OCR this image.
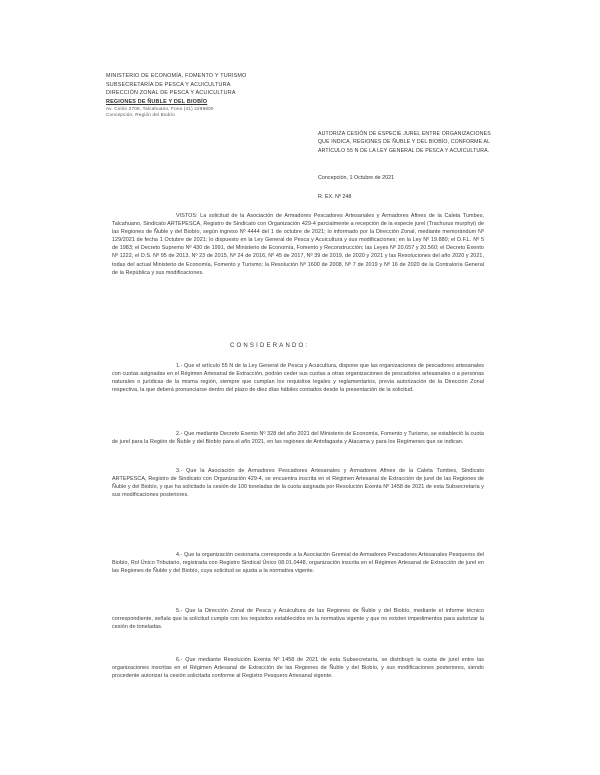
MINISTERIO DE ECONOMÍA, FOMENTO Y TURISMO
SUBSECRETARÍA DE PESCA Y ACUICULTURA
DIRECCIÓN ZONAL DE PESCA Y ACUICULTURA
REGIONES DE ÑUBLE Y DEL BIOBÍO
Av. Colón 2706, Talcahuano, Fono (41) 2298800
Concepción, Región del Biobío
AUTORIZA CESIÓN DE ESPECIE JUREL ENTRE ORGANIZACIONES QUE INDICA, REGIONES DE ÑUBLE Y DEL BIOBÍO, CONFORME AL ARTÍCULO 55 N DE LA LEY GENERAL DE PESCA Y ACUICULTURA.
Concepción, 1 Octubre de 2021
R. EX. Nº 248
VISTOS: La solicitud de la Asociación de Armadores Pescadores Artesanales y Armadores Afines de la Caleta Tumbes, Talcahuano, Sindicato ARTEPESCA, Registro de Sindicato con Organización 429-4 parcialmente a recepción de la especie jurel (Trachurus murphyi) de las Regiones de Ñuble y del Biobío, según ingreso Nº 4444 del 1 de octubre de 2021; lo informado por la Dirección Zonal, mediante memorándum Nº 129/2021 de fecha 1 Octubre de 2021; lo dispuesto en la Ley General de Pesca y Acuicultura y sus modificaciones; en la Ley Nº 19.880; el D.F.L. Nº 5 de 1983; el Decreto Supremo Nº 430 de 1991, del Ministerio de Economía, Fomento y Reconstrucción; las Leyes Nº 20.657 y 20.560; el Decreto Exento Nº 1222, el D.S. Nº 95 de 2013, Nº 23 de 2015, Nº 24 de 2016, Nº 45 de 2017, Nº 39 de 2019, de 2020 y 2021 y las Resoluciones del año 2020 y 2021, todas del actual Ministerio de Economía, Fomento y Turismo; la Resolución Nº 1600 de 2008, Nº 7 de 2019 y Nº 16 de 2020 de la Contraloría General de la República y sus modificaciones.
CONSIDERANDO:
1.- Que el artículo 55 N de la Ley General de Pesca y Acuicultura, dispone que las organizaciones de pescadores artesanales con cuotas asignadas en el Régimen Artesanal de Extracción, podrán ceder sus cuotas a otras organizaciones de pescadores artesanales o a personas naturales o jurídicas de la misma región, siempre que cumplan los requisitos legales y reglamentarios, previa autorización de la Dirección Zonal respectiva, la que deberá pronunciarse dentro del plazo de diez días hábiles contados desde la presentación de la solicitud.
2.- Que mediante Decreto Exento Nº 328 del año 2021 del Ministerio de Economía, Fomento y Turismo, se estableció la cuota de jurel para la Región de Ñuble y del Biobío para el año 2021, en las regiones de Antofagasta y Atacama y para los Regímenes que se indican.
3.- Que la Asociación de Armadores Pescadores Artesanales y Armadores Afines de la Caleta Tumbes, Sindicato ARTEPESCA, Registro de Sindicato con Organización 429-4, se encuentra inscrita en el Régimen Artesanal de Extracción de jurel de las Regiones de Ñuble y del Biobío, y que ha solicitado la cesión de 100 toneladas de la cuota asignada por Resolución Exenta Nº 1458 de 2021 de esta Subsecretaría y sus modificaciones posteriores.
4.- Que la organización cesionaria corresponde a la Asociación Gremial de Armadores Pescadores Artesanales Pesqueros del Biobío, Rol Único Tributario, registrada con Registro Sindical Único 08.01.0448, organización inscrita en el Régimen Artesanal de Extracción de jurel en las Regiones de Ñuble y del Biobío, cuya solicitud se ajusta a la normativa vigente.
5.- Que la Dirección Zonal de Pesca y Acuicultura de las Regiones de Ñuble y del Biobío, mediante el informe técnico correspondiente, señala que la solicitud cumple con los requisitos establecidos en la normativa vigente y que no existen impedimentos para autorizar la cesión de toneladas.
6.- Que mediante Resolución Exenta Nº 1458 de 2021 de esta Subsecretaría, se distribuyó la cuota de jurel entre las organizaciones inscritas en el Régimen Artesanal de Extracción de las Regiones de Ñuble y del Biobío, y sus modificaciones posteriores, siendo procedente autorizar la cesión solicitada conforme al Registro Pesquero Artesanal vigente.
